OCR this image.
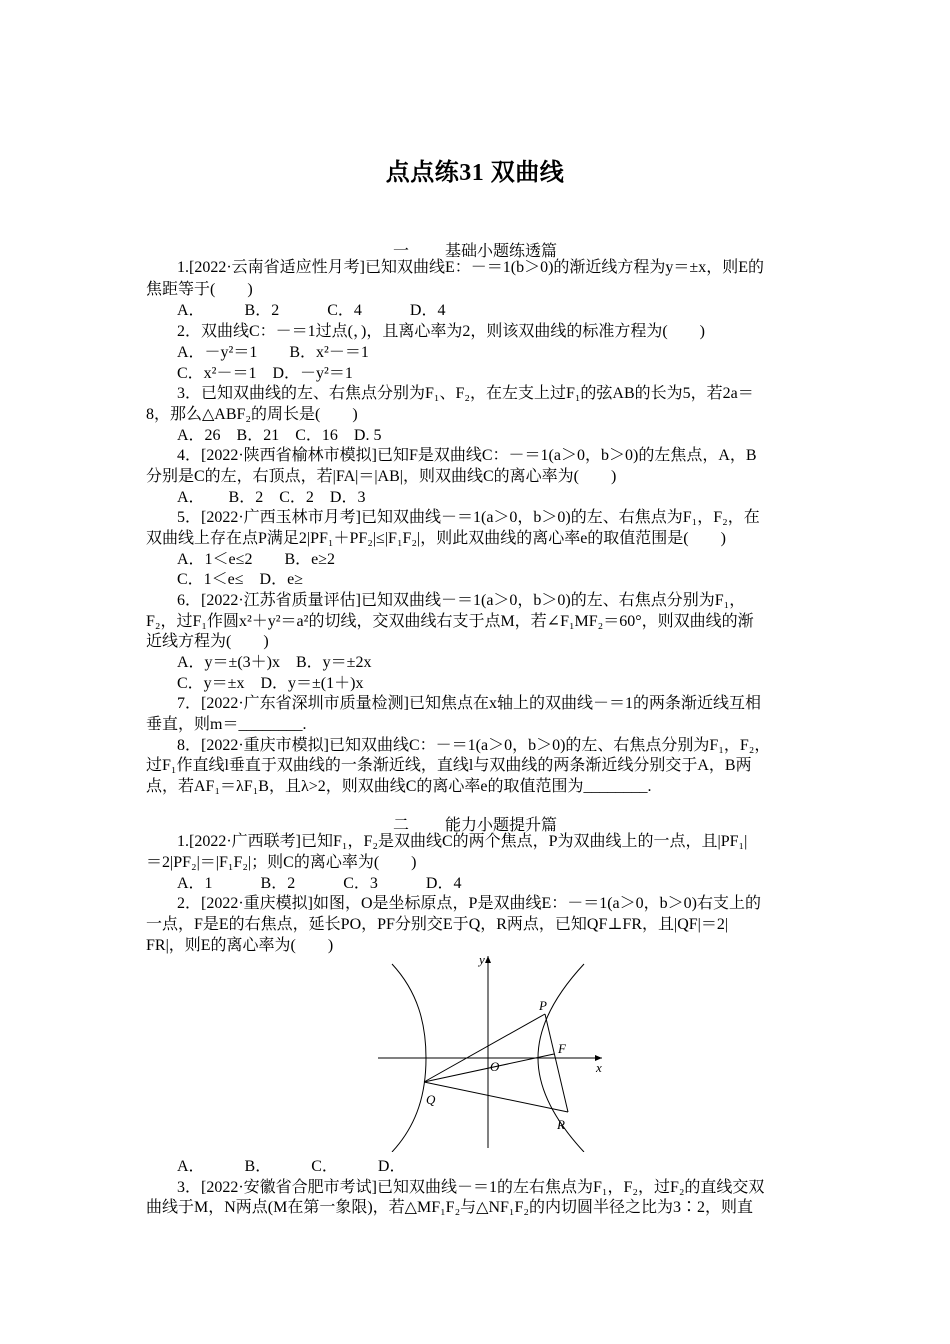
点点练31 双曲线
一 基础小题练透篇
1.[2022·云南省适应性月考]已知双曲线E：－＝1(b＞0)的渐近线方程为y＝±x，则E的
焦距等于(　　)
A．　　　B．2　　　C．4　　　D．4
2．双曲线C：－＝1过点(，)，且离心率为2，则该双曲线的标准方程为(　　)
A．－y²＝1　　B．x²－＝1
C．x²－＝1　D．－y²＝1
3．已知双曲线的左、右焦点分别为F₁、F₂，在左支上过F₁的弦AB的长为5，若2a＝
8，那么△ABF₂的周长是(　　)
A．26　B．21　C．16　D. 5
4．[2022·陕西省榆林市模拟]已知F是双曲线C：－＝1(a＞0，b＞0)的左焦点，A，B
分别是C的左，右顶点，若|FA|＝|AB|，则双曲线C的离心率为(　　)
A．　　B．2　C．2　D．3
5．[2022·广西玉林市月考]已知双曲线－＝1(a＞0，b＞0)的左、右焦点为F₁，F₂，在
双曲线上存在点P满足2|PF₁＋PF₂|≤|F₁F₂|，则此双曲线的离心率e的取值范围是(　　)
A．1＜e≤2　　B．e≥2
C．1＜e≤　D．e≥
6．[2022·江苏省质量评估]已知双曲线－＝1(a＞0，b＞0)的左、右焦点分别为F₁，
F₂，过F₁作圆x²＋y²＝a²的切线，交双曲线右支于点M，若∠F₁MF₂＝60°，则双曲线的渐
近线方程为(　　)
A．y＝±(3＋)x　B．y＝±2x
C．y＝±x　D．y＝±(1＋)x
7．[2022·广东省深圳市质量检测]已知焦点在x轴上的双曲线－＝1的两条渐近线互相
垂直，则m＝________.
8．[2022·重庆市模拟]已知双曲线C：－＝1(a＞0，b＞0)的左、右焦点分别为F₁，F₂，
过F₁作直线l垂直于双曲线的一条渐近线，直线l与双曲线的两条渐近线分别交于A，B两
点，若AF₁＝λF₁B，且λ>2，则双曲线C的离心率e的取值范围为________.
二 能力小题提升篇
1.[2022·广西联考]已知F₁，F₂是双曲线C的两个焦点，P为双曲线上的一点，且|PF₁|
＝2|PF₂|＝|F₁F₂|；则C的离心率为(　　)
A．1　　　B．2　　　C．3　　　D．4
2．[2022·重庆模拟]如图，O是坐标原点，P是双曲线E：－＝1(a＞0，b＞0)右支上的
一点，F是E的右焦点，延长PO，PF分别交E于Q，R两点，已知QF⊥FR，且|QF|＝2|
FR|，则E的离心率为(　　)
y
x
O
P
F
Q
R
A．　　　B．　　　C．　　　D．
3．[2022·安徽省合肥市考试]已知双曲线－＝1的左右焦点为F₁，F₂，过F₂的直线交双
曲线于M，N两点(M在第一象限)，若△MF₁F₂与△NF₁F₂的内切圆半径之比为3∶2，则直
